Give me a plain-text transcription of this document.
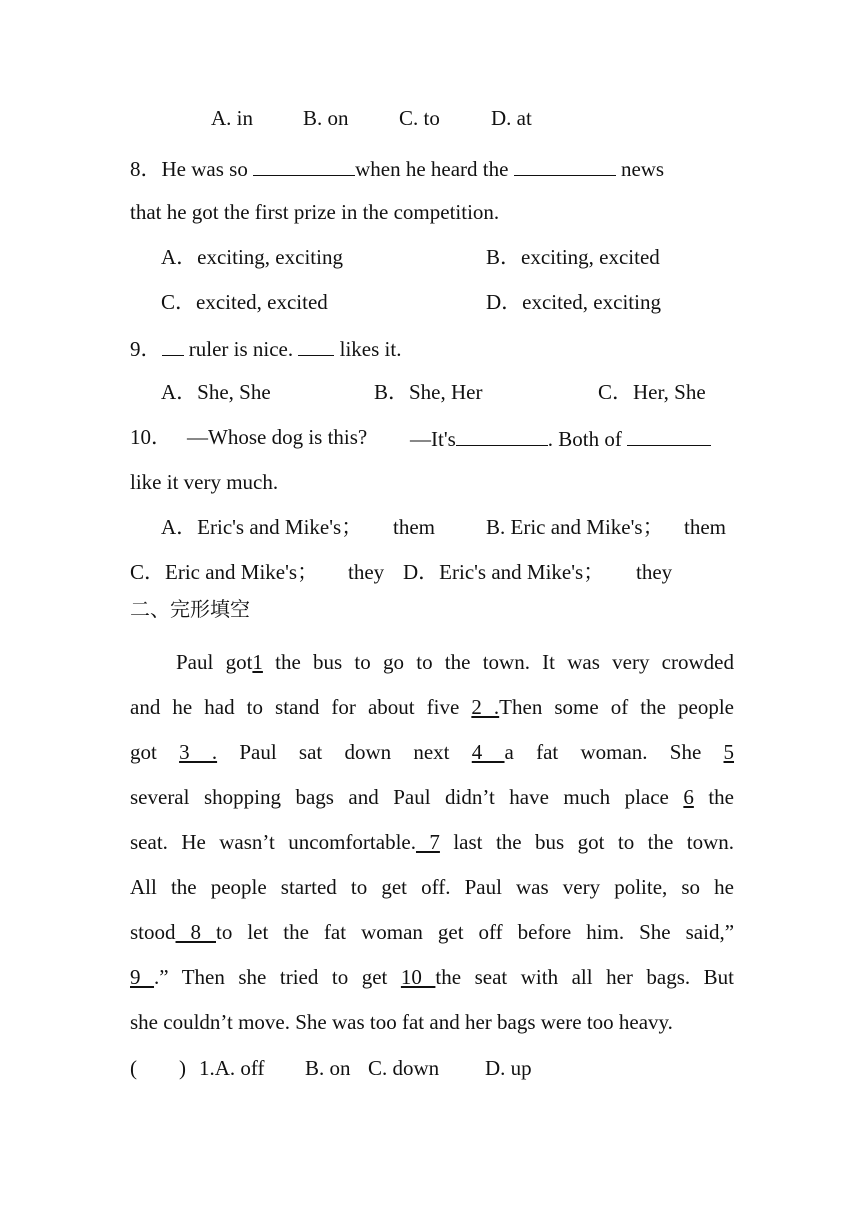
A. in B. on C. to D. at
8．He was so	when he heard the	news
that he got the first prize in the competition.
A．exciting, exciting	B．exciting, excited
C．excited, excited	D．excited, exciting
9． ruler is nice.  likes it.
A．She, She	B．She, Her	C．Her, She
10． —Whose dog is this? —It's	. Both of
like it very much.
A．Eric's and Mike's； them B. Eric and Mike's； them
C．Eric and Mike's； they D．Eric's and Mike's； they
二、完形填空
Paul got1 the bus to go to the town. It was very crowded
and he had to stand for about five 2 .Then some of the people
got 3 . Paul sat down next 4 a fat woman. She 5
several shopping bags and Paul didn’t have much place 6 the
seat. He wasn’t uncomfortable. 7 last the bus got to the town.
All the people started to get off. Paul was very polite, so he
stood 8 to let the fat woman get off before him. She said,”
9 .” Then she tried to get 10 the seat with all her bags. But
she couldn’t move. She was too fat and her bags were too heavy.
(        ) 1.A. off B. on C. down D. up
